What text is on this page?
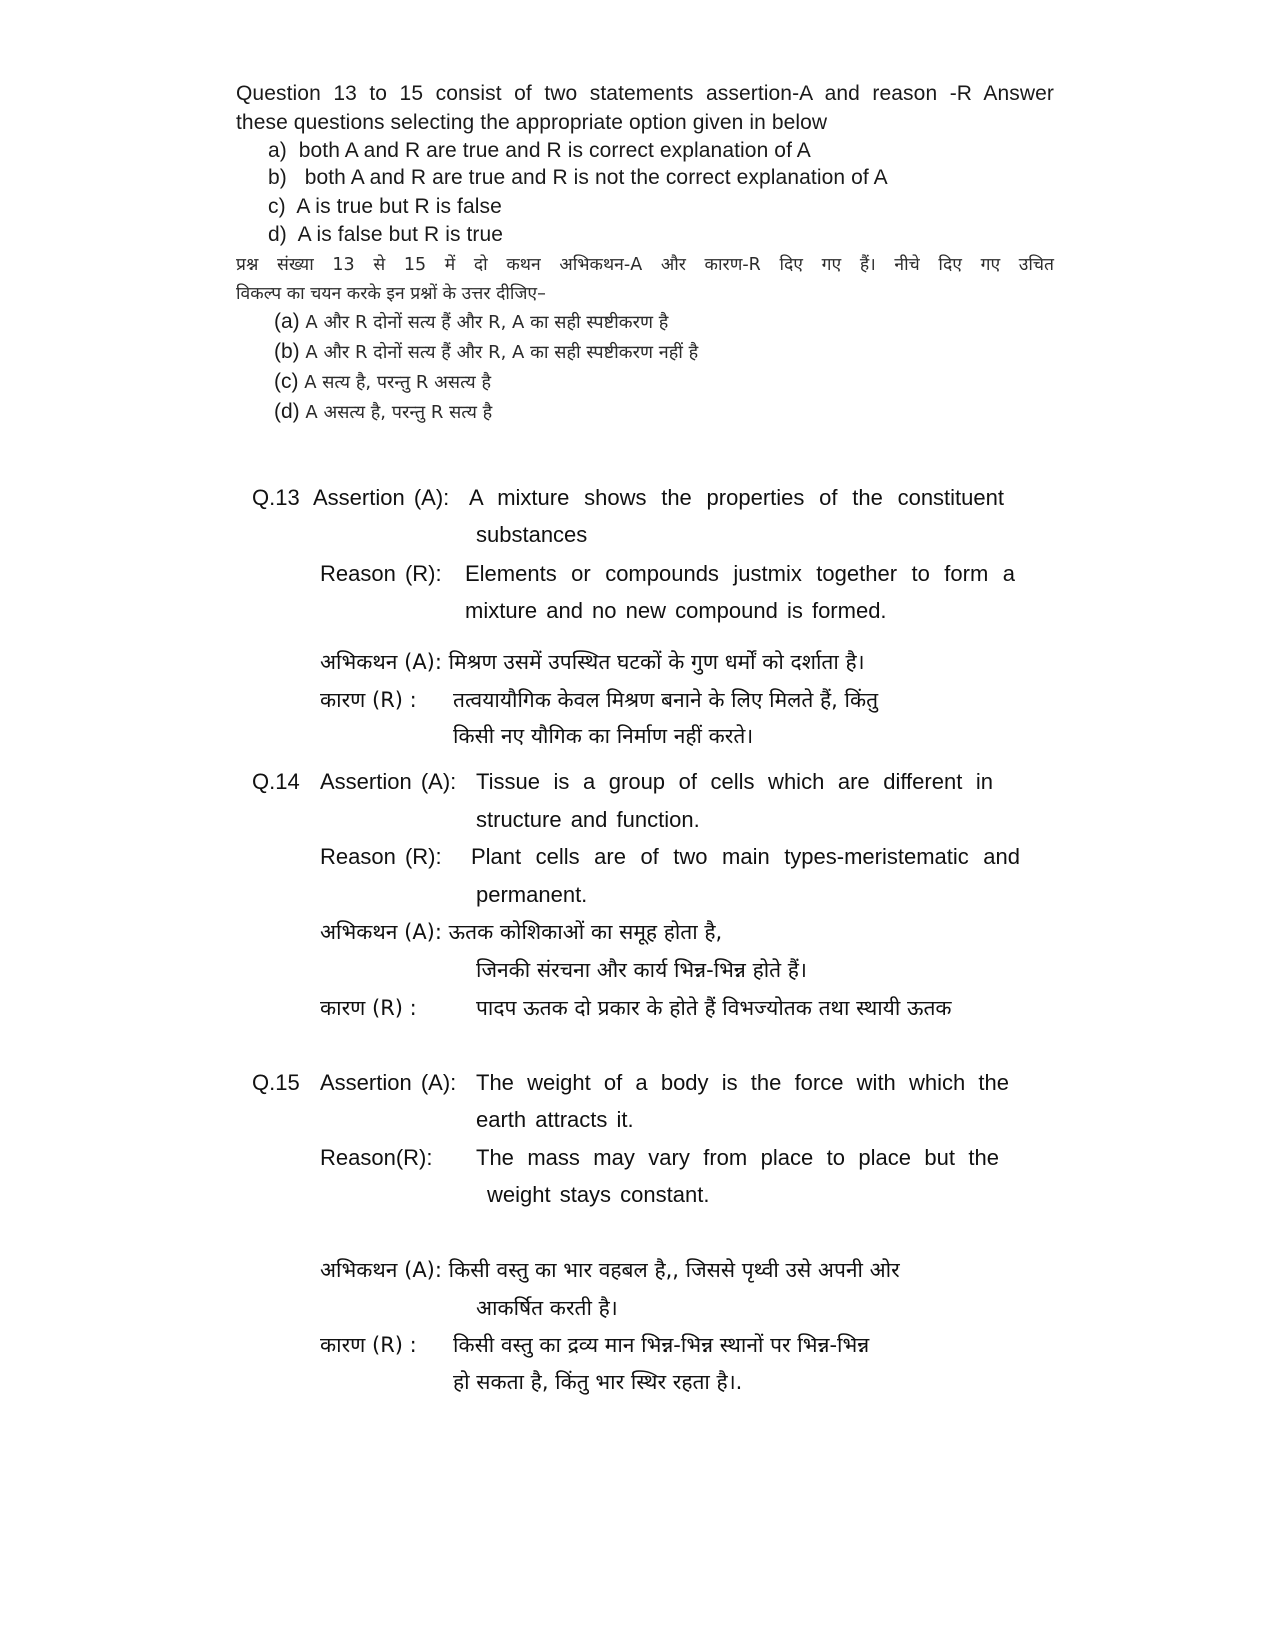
Question 13 to 15 consist of two statements assertion-A and reason -R Answer
these questions selecting the appropriate option given in below
a) both A and R are true and R is correct explanation of A
b) both A and R are true and R is not the correct explanation of A
c) A is true but R is false
d) A is false but R is true
प्रश्न संख्या 13 से 15 में दो कथन अभिकथन-A और कारण-R दिए गए हैं। नीचे दिए गए उचित
विकल्प का चयन करके इन प्रश्नों के उत्तर दीजिए–
(a) A और R दोनों सत्य हैं और R, A का सही स्पष्टीकरण है
(b) A और R दोनों सत्य हैं और R, A का सही स्पष्टीकरण नहीं है
(c) A सत्य है, परन्तु R असत्य है
(d) A असत्य है, परन्तु R सत्य है
Q.13 Assertion (A): A mixture shows the properties of the constituent
substances
Reason (R): Elements or compounds justmix together to form a
mixture and no new compound is formed.
अभिकथन (A): मिश्रण उसमें उपस्थित घटकों के गुण धर्मों को दर्शाता है।
कारण (R) : तत्वयायौगिक केवल मिश्रण बनाने के लिए मिलते हैं, किंतु
किसी नए यौगिक का निर्माण नहीं करते।
Q.14 Assertion (A): Tissue is a group of cells which are different in
structure and function.
Reason (R): Plant cells are of two main types-meristematic and
permanent.
अभिकथन (A): ऊतक कोशिकाओं का समूह होता है,
जिनकी संरचना और कार्य भिन्न-भिन्न होते हैं।
कारण (R) :	पादप ऊतक दो प्रकार के होते हैं विभज्योतक तथा स्थायी ऊतक
Q.15 Assertion (A): The weight of a body is the force with which the
earth attracts it.
Reason(R): The mass may vary from place to place but the
weight stays constant.
अभिकथन (A): किसी वस्तु का भार वहबल है,, जिससे पृथ्वी उसे अपनी ओर
आकर्षित करती है।
कारण (R) : किसी वस्तु का द्रव्य मान भिन्न-भिन्न स्थानों पर भिन्न-भिन्न
हो सकता है, किंतु भार स्थिर रहता है।.
